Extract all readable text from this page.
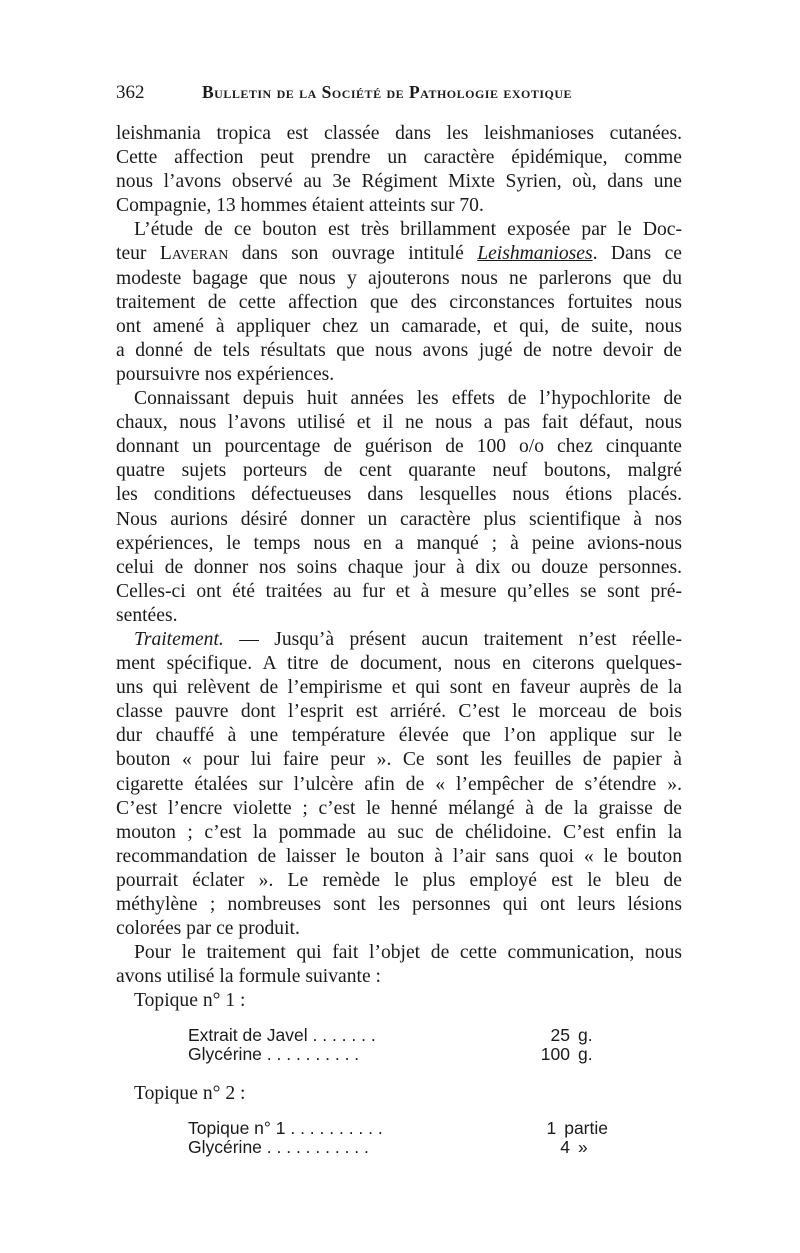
362	Bulletin de la Société de Pathologie exotique

leishmania tropica est classée dans les leishmanioses cutanées.
Cette affection peut prendre un caractère épidémique, comme
nous l’avons observé au 3e Régiment Mixte Syrien, où, dans une
Compagnie, 13 hommes étaient atteints sur 70.

L’étude de ce bouton est très brillamment exposée par le Doc-
teur Laveran dans son ouvrage intitulé Leishmanioses. Dans ce
modeste bagage que nous y ajouterons nous ne parlerons que du
traitement de cette affection que des circonstances fortuites nous
ont amené à appliquer chez un camarade, et qui, de suite, nous
a donné de tels résultats que nous avons jugé de notre devoir de
poursuivre nos expériences.

Connaissant depuis huit années les effets de l’hypochlorite de
chaux, nous l’avons utilisé et il ne nous a pas fait défaut, nous
donnant un pourcentage de guérison de 100 o/o chez cinquante
quatre sujets porteurs de cent quarante neuf boutons, malgré
les conditions défectueuses dans lesquelles nous étions placés.
Nous aurions désiré donner un caractère plus scientifique à nos
expériences, le temps nous en a manqué ; à peine avions-nous
celui de donner nos soins chaque jour à dix ou douze personnes.
Celles-ci ont été traitées au fur et à mesure qu’elles se sont pré-
sentées.

Traitement. — Jusqu’à présent aucun traitement n’est réelle-
ment spécifique. A titre de document, nous en citerons quelques-
uns qui relèvent de l’empirisme et qui sont en faveur auprès de la
classe pauvre dont l’esprit est arriéré. C’est le morceau de bois
dur chauffé à une température élevée que l’on applique sur le
bouton « pour lui faire peur ». Ce sont les feuilles de papier à
cigarette étalées sur l’ulcère afin de « l’empêcher de s’étendre ».
C’est l’encre violette ; c’est le henné mélangé à de la graisse de
mouton ; c’est la pommade au suc de chélidoine. C’est enfin la
recommandation de laisser le bouton à l’air sans quoi « le bouton
pourrait éclater ». Le remède le plus employé est le bleu de
méthylène ; nombreuses sont les personnes qui ont leurs lésions
colorées par ce produit.

Pour le traitement qui fait l’objet de cette communication, nous
avons utilisé la formule suivante :

Topique n° 1 :

Extrait de Javel . . . . . . .	25 g.
Glycérine . . . . . . . . . .	100 g.

Topique n° 2 :

Topique n° 1 . . . . . . . . . .	1 partie
Glycérine . . . . . . . . . . .	4 »
